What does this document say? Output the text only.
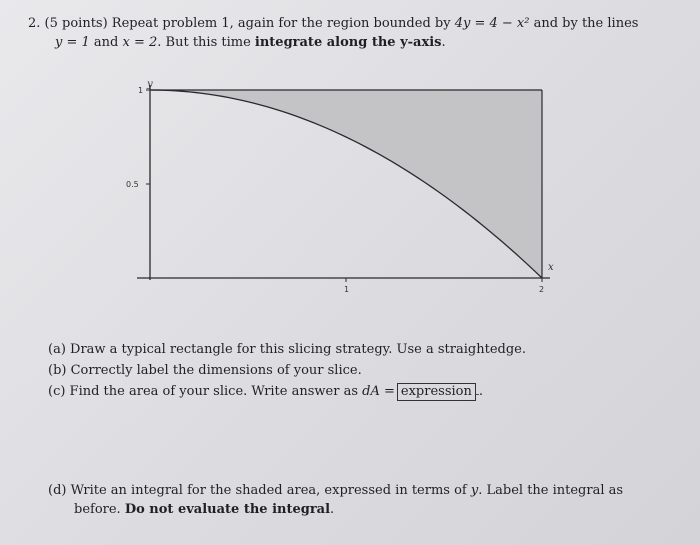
2. (5 points) Repeat problem 1, again for the region bounded by 4y = 4 − x² and by the lines
y = 1 and x = 2. But this time integrate along the y-axis.
y
x
1
0.5
1	2
(a) Draw a typical rectangle for this slicing strategy. Use a straightedge.
(b) Correctly label the dimensions of your slice.
(c) Find the area of your slice. Write answer as dA = expression .
(d) Write an integral for the shaded area, expressed in terms of y. Label the integral as
before. Do not evaluate the integral.
